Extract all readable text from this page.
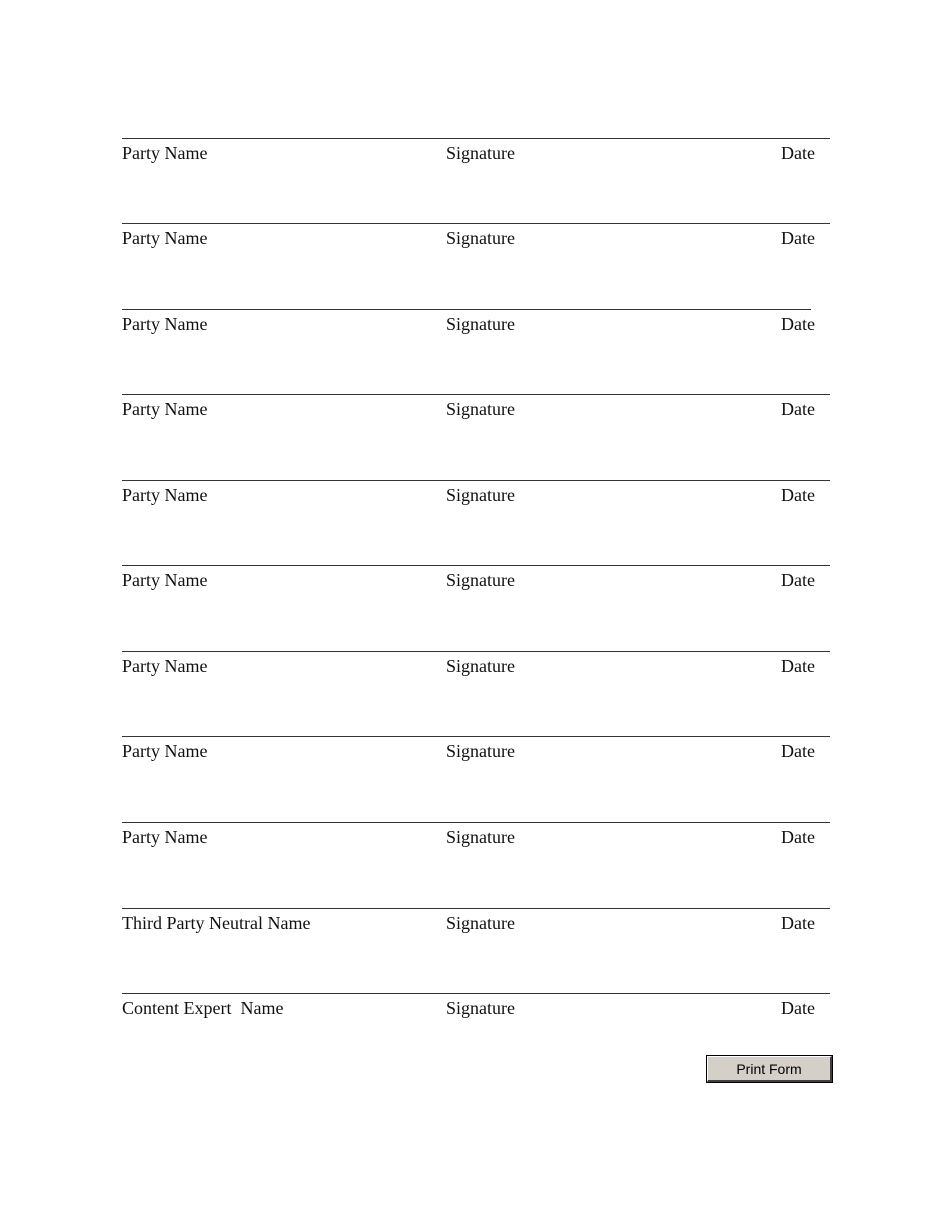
Party Name	Signature	Date
Party Name	Signature	Date
Party Name	Signature	Date
Party Name	Signature	Date
Party Name	Signature	Date
Party Name	Signature	Date
Party Name	Signature	Date
Party Name	Signature	Date
Party Name	Signature	Date
Third Party Neutral Name	Signature	Date
Content Expert  Name	Signature	Date
Print Form
